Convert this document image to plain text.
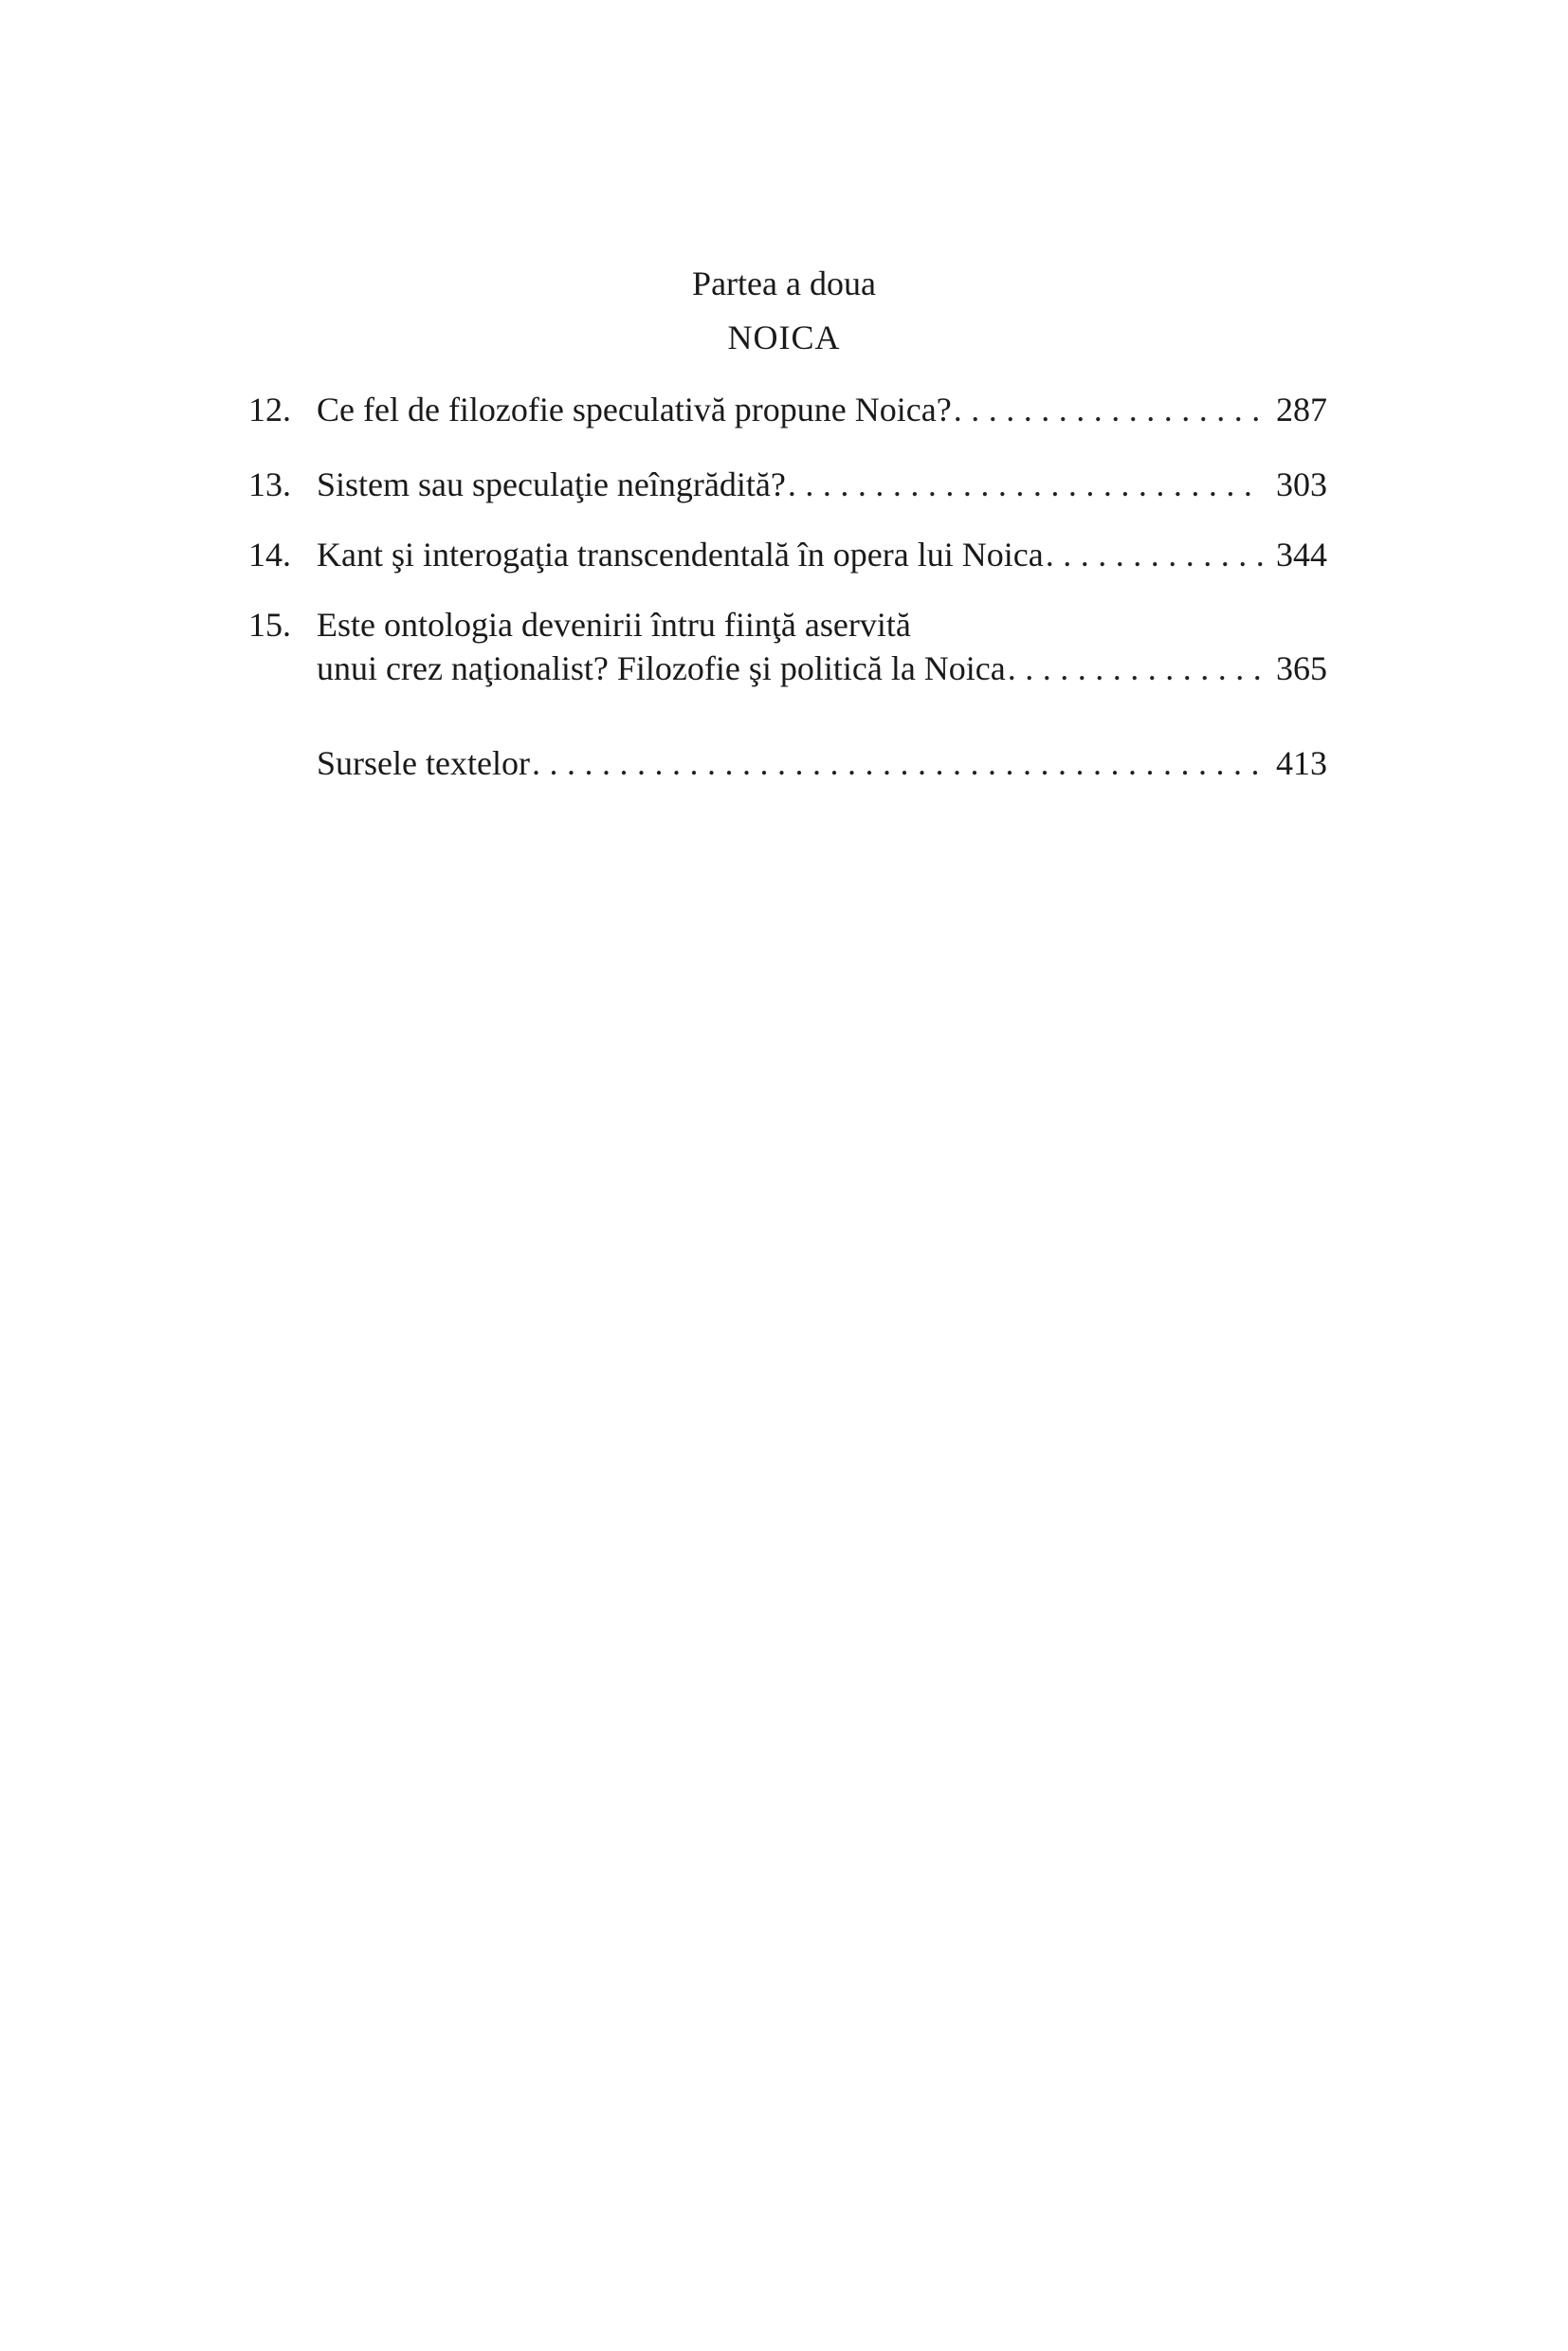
Partea a doua
NOICA
12. Ce fel de filozofie speculativă propune Noica? .....	287
13. Sistem sau speculaţie neîngrădită? .....	303
14. Kant şi interogaţia transcendentală în opera lui Noica .....	344
15. Este ontologia devenirii întru fiinţă aservită
unui crez naţionalist? Filozofie şi politică la Noica .....	365
Sursele textelor .....	413
